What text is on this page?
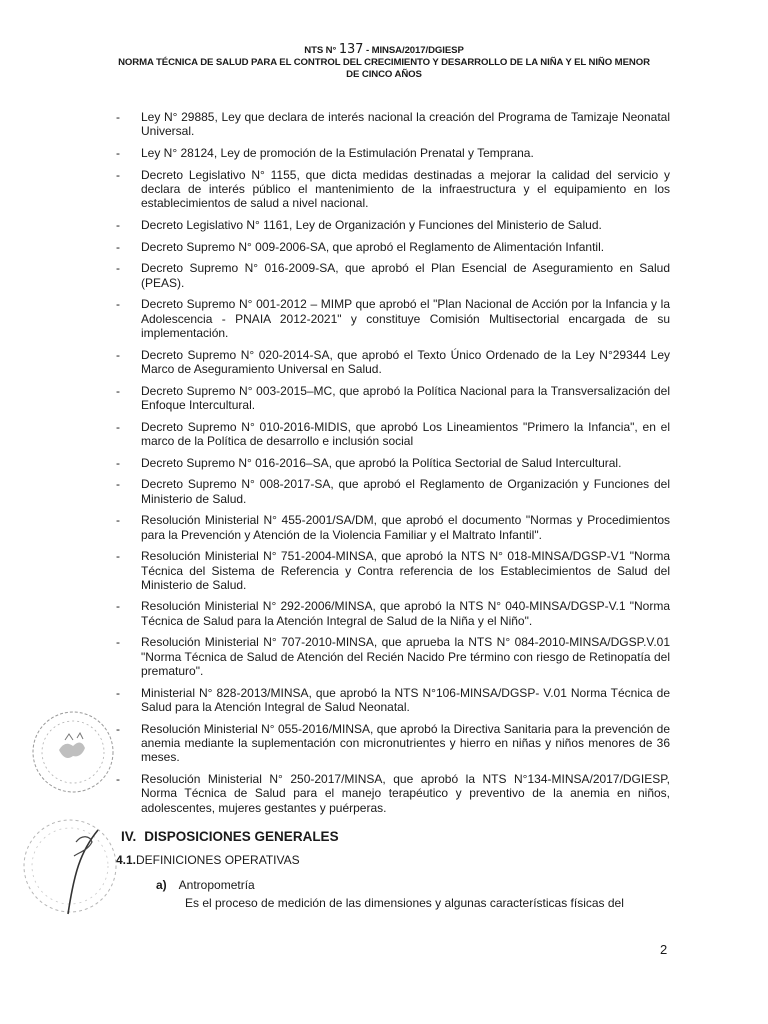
NTS N° 137 - MINSA/2017/DGIESP
NORMA TÉCNICA DE SALUD PARA EL CONTROL DEL CRECIMIENTO Y DESARROLLO DE LA NIÑA Y EL NIÑO MENOR
DE CINCO AÑOS
- Ley N° 29885, Ley que declara de interés nacional la creación del Programa de Tamizaje Neonatal Universal.
- Ley N° 28124, Ley de promoción de la Estimulación Prenatal y Temprana.
- Decreto Legislativo N° 1155, que dicta medidas destinadas a mejorar la calidad del servicio y declara de interés público el mantenimiento de la infraestructura y el equipamiento en los establecimientos de salud a nivel nacional.
- Decreto Legislativo N° 1161, Ley de Organización y Funciones del Ministerio de Salud.
- Decreto Supremo N° 009-2006-SA, que aprobó el Reglamento de Alimentación Infantil.
- Decreto Supremo N° 016-2009-SA, que aprobó el Plan Esencial de Aseguramiento en Salud (PEAS).
- Decreto Supremo N° 001-2012 – MIMP que aprobó el "Plan Nacional de Acción por la Infancia y la Adolescencia - PNAIA 2012-2021" y constituye Comisión Multisectorial encargada de su implementación.
- Decreto Supremo N° 020-2014-SA, que aprobó el Texto Único Ordenado de la Ley N°29344 Ley Marco de Aseguramiento Universal en Salud.
- Decreto Supremo N° 003-2015–MC, que aprobó la Política Nacional para la Transversalización del Enfoque Intercultural.
- Decreto Supremo N° 010-2016-MIDIS, que aprobó Los Lineamientos "Primero la Infancia", en el marco de la Política de desarrollo e inclusión social
- Decreto Supremo N° 016-2016–SA, que aprobó la Política Sectorial de Salud Intercultural.
- Decreto Supremo N° 008-2017-SA, que aprobó el Reglamento de Organización y Funciones del Ministerio de Salud.
- Resolución Ministerial N° 455-2001/SA/DM, que aprobó el documento "Normas y Procedimientos para la Prevención y Atención de la Violencia Familiar y el Maltrato Infantil".
- Resolución Ministerial N° 751-2004-MINSA, que aprobó la NTS N° 018-MINSA/DGSP-V1 "Norma Técnica del Sistema de Referencia y Contra referencia de los Establecimientos de Salud del Ministerio de Salud.
- Resolución Ministerial N° 292-2006/MINSA, que aprobó la NTS N° 040-MINSA/DGSP-V.1 "Norma Técnica de Salud para la Atención Integral de Salud de la Niña y el Niño".
- Resolución Ministerial N° 707-2010-MINSA, que aprueba la NTS N° 084-2010-MINSA/DGSP.V.01 "Norma Técnica de Salud de Atención del Recién Nacido Pre término con riesgo de Retinopatía del prematuro".
- Ministerial N° 828-2013/MINSA, que aprobó la NTS N°106-MINSA/DGSP- V.01 Norma Técnica de Salud para la Atención Integral de Salud Neonatal.
- Resolución Ministerial N° 055-2016/MINSA, que aprobó la Directiva Sanitaria para la prevención de anemia mediante la suplementación con micronutrientes y hierro en niñas y niños menores de 36 meses.
- Resolución Ministerial N° 250-2017/MINSA, que aprobó la NTS N°134-MINSA/2017/DGIESP, Norma Técnica de Salud para el manejo terapéutico y preventivo de la anemia en niños, adolescentes, mujeres gestantes y puérperas.
IV. DISPOSICIONES GENERALES
4.1.DEFINICIONES OPERATIVAS
a) Antropometría
Es el proceso de medición de las dimensiones y algunas características físicas del
2
